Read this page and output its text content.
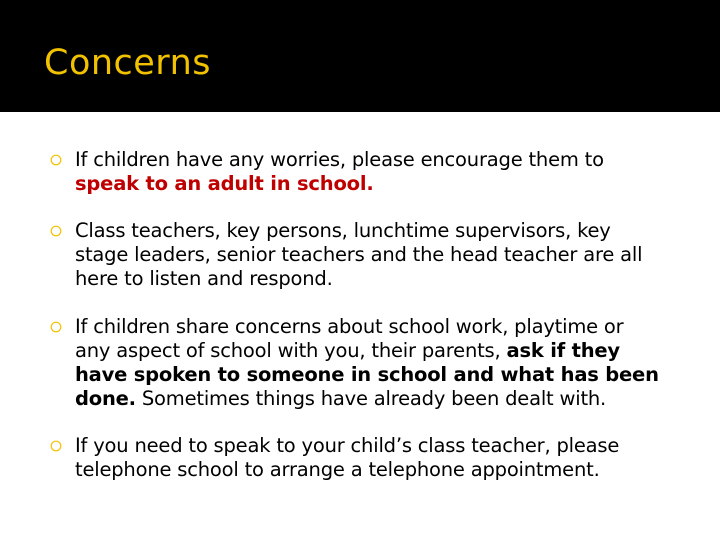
Concerns
If children have any worries, please encourage them to
speak to an adult in school.
Class teachers, key persons, lunchtime supervisors, key
stage leaders, senior teachers and the head teacher are all
here to listen and respond.
If children share concerns about school work, playtime or
any aspect of school with you, their parents, ask if they
have spoken to someone in school and what has been
done. Sometimes things have already been dealt with.
If you need to speak to your child’s class teacher, please
telephone school to arrange a telephone appointment.
